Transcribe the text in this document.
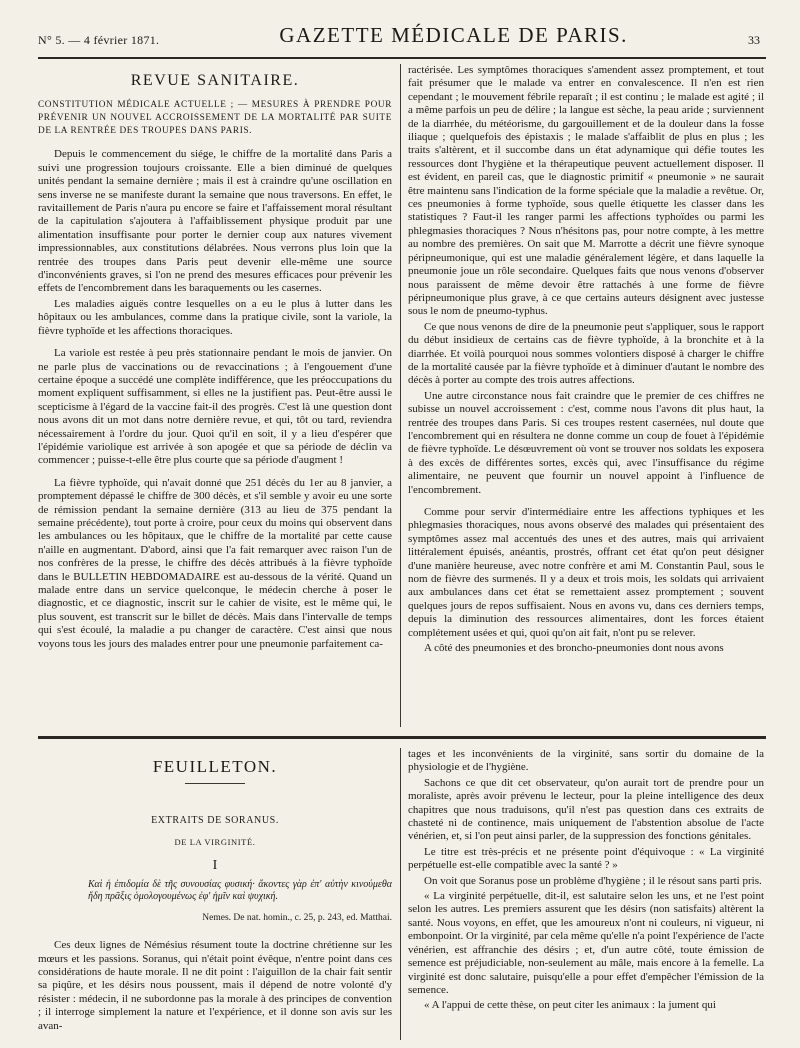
N° 5. — 4 février 1871.	GAZETTE MÉDICALE DE PARIS.	33
REVUE SANITAIRE.
CONSTITUTION MÉDICALE ACTUELLE ; — MESURES À PRENDRE POUR PRÉVENIR UN NOUVEL ACCROISSEMENT DE LA MORTALITÉ PAR SUITE DE LA RENTRÉE DES TROUPES DANS PARIS.

Depuis le commencement du siége, le chiffre de la mortalité dans Paris a suivi une progression toujours croissante. Elle a bien diminué de quelques unités pendant la semaine dernière ; mais il est à craindre qu'une oscillation en sens inverse ne se manifeste durant la semaine que nous traversons. En effet, le ravitaillement de Paris n'aura pu encore se faire et l'affaissement moral résultant de la capitulation s'ajoutera à l'affaiblissement physique produit par une alimentation insuffisante pour porter le dernier coup aux natures vivement impressionnables, aux constitutions délabrées. Nous verrons plus loin que la rentrée des troupes dans Paris peut devenir elle-même une source d'inconvénients graves, si l'on ne prend des mesures efficaces pour prévenir les effets de l'encombrement dans les baraquements ou les casernes.

Les maladies aiguës contre lesquelles on a eu le plus à lutter dans les hôpitaux ou les ambulances, comme dans la pratique civile, sont la variole, la fièvre typhoïde et les affections thoraciques.

La variole est restée à peu près stationnaire pendant le mois de janvier. On ne parle plus de vaccinations ou de revaccinations ; à l'engouement d'une certaine époque a succédé une complète indifférence, que les préoccupations du moment expliquent suffisamment, si elles ne la justifient pas. Peut-être aussi le scepticisme à l'égard de la vaccine fait-il des progrès. C'est là une question dont nous avons dit un mot dans notre dernière revue, et qui, tôt ou tard, reviendra nécessairement à l'ordre du jour. Quoi qu'il en soit, il y a lieu d'espérer que l'épidémie variolique est arrivée à son apogée et que sa période de déclin va commencer ; puisse-t-elle être plus courte que sa période d'augment !

La fièvre typhoïde, qui n'avait donné que 251 décès du 1er au 8 janvier, a promptement dépassé le chiffre de 300 décès, et s'il semble y avoir eu une sorte de rémission pendant la semaine dernière (313 au lieu de 375 pendant la semaine précédente), tout porte à croire, pour ceux du moins qui observent dans les ambulances ou les hôpitaux, que le chiffre de la mortalité par cette cause n'aille en augmentant. D'abord, ainsi que l'a fait remarquer avec raison l'un de nos confrères de la presse, le chiffre des décès attribués à la fièvre typhoïde dans le BULLETIN HEBDOMADAIRE est au-dessous de la vérité. Quand un malade entre dans un service quelconque, le médecin cherche à poser le diagnostic, et ce diagnostic, inscrit sur le cahier de visite, est le même qui, le plus souvent, est transcrit sur le billet de décès. Mais dans l'intervalle de temps qui s'est écoulé, la maladie a pu changer de caractère. C'est ainsi que nous voyons tous les jours des malades entrer pour une pneumonie parfaitement ca-

ractérisée. Les symptômes thoraciques s'amendent assez promptement, et tout fait présumer que le malade va entrer en convalescence. Il n'en est rien cependant ; le mouvement fébrile reparaît ; il est continu ; le malade est agité ; il a même parfois un peu de délire ; la langue est sèche, la peau aride ; surviennent de la diarrhée, du météorisme, du gargouillement et de la douleur dans la fosse iliaque ; quelquefois des épistaxis ; le malade s'affaiblit de plus en plus ; les traits s'altèrent, et il succombe dans un état adynamique qui défie toutes les ressources dont l'hygiène et la thérapeutique peuvent actuellement disposer. Il est évident, en pareil cas, que le diagnostic primitif « pneumonie » ne saurait être maintenu sans l'indication de la forme spéciale que la maladie a revêtue. Or, ces pneumonies à forme typhoïde, sous quelle étiquette les classer dans les statistiques ? Faut-il les ranger parmi les affections typhoïdes ou parmi les phlegmasies thoraciques ? Nous n'hésitons pas, pour notre compte, à les mettre au nombre des premières. On sait que M. Marrotte a décrit une fièvre synoque péripneumonique, qui est une maladie généralement légère, et dans laquelle la pneumonie joue un rôle secondaire. Quelques faits que nous venons d'observer nous paraissent de même devoir être rattachés à une forme de fièvre péripneumonique plus grave, à ce que certains auteurs désignent avec justesse sous le nom de pneumo-typhus.

Ce que nous venons de dire de la pneumonie peut s'appliquer, sous le rapport du début insidieux de certains cas de fièvre typhoïde, à la bronchite et à la diarrhée. Et voilà pourquoi nous sommes volontiers disposé à charger le chiffre de la mortalité causée par la fièvre typhoïde et à diminuer d'autant le nombre des décès à porter au compte des trois autres affections.

Une autre circonstance nous fait craindre que le premier de ces chiffres ne subisse un nouvel accroissement : c'est, comme nous l'avons dit plus haut, la rentrée des troupes dans Paris. Si ces troupes restent casernées, nul doute que l'encombrement qui en résultera ne donne comme un coup de fouet à l'épidémie de fièvre typhoïde. Le désœuvrement où vont se trouver nos soldats les exposera à des excès de différentes sortes, excès qui, avec l'insuffisance du régime alimentaire, ne peuvent que fournir un nouvel appoint à l'influence de l'encombrement.

Comme pour servir d'intermédiaire entre les affections typhiques et les phlegmasies thoraciques, nous avons observé des malades qui présentaient des symptômes assez mal accentués des unes et des autres, mais qui arrivaient littéralement épuisés, anéantis, prostrés, offrant cet état qu'on peut désigner d'une manière heureuse, avec notre confrère et ami M. Constantin Paul, sous le nom de fièvre des surmenés. Il y a deux et trois mois, les soldats qui arrivaient aux ambulances dans cet état se remettaient assez promptement ; souvent quelques jours de repos suffisaient. Nous en avons vu, dans ces derniers temps, depuis la diminution des ressources alimentaires, dont les forces étaient complétement usées et qui, quoi qu'on ait fait, n'ont pu se relever.

A côté des pneumonies et des broncho-pneumonies dont nous avons

FEUILLETON.
EXTRAITS DE SORANUS.
DE LA VIRGINITÉ.
I
Καὶ ἡ ἐπιδομία δὲ τῆς συνουσίας φυσική· ἄκοντες γὰρ ἐπ' αὐτὴν κινούμεθα ἤδη πρᾶξις ὁμολογουμένως ἐφ' ἡμῖν καὶ ψυχική.
Nemes. De nat. homin., c. 25, p. 243, ed. Matthai.

Ces deux lignes de Némésius résument toute la doctrine chrétienne sur les mœurs et les passions. Soranus, qui n'était point évêque, n'entre point dans ces considérations de haute morale. Il ne dit point : l'aiguillon de la chair fait sentir sa piqûre, et les désirs nous poussent, mais il dépend de notre volonté d'y résister : médecin, il ne subordonne pas la morale à des principes de convention ; il interroge simplement la nature et l'expérience, et il donne son avis sur les avan-

tages et les inconvénients de la virginité, sans sortir du domaine de la physiologie et de l'hygiène.

Sachons ce que dit cet observateur, qu'on aurait tort de prendre pour un moraliste, après avoir prévenu le lecteur, pour la pleine intelligence des deux chapitres que nous traduisons, qu'il n'est pas question dans ces extraits de chasteté ni de continence, mais uniquement de l'abstention absolue de l'acte vénérien, et, si l'on peut ainsi parler, de la suppression des fonctions génitales.

Le titre est très-précis et ne présente point d'équivoque : « La virginité perpétuelle est-elle compatible avec la santé ? »

On voit que Soranus pose un problème d'hygiène ; il le résout sans parti pris.

« La virginité perpétuelle, dit-il, est salutaire selon les uns, et ne l'est point selon les autres. Les premiers assurent que les désirs (non satisfaits) altèrent la santé. Nous voyons, en effet, que les amoureux n'ont ni couleurs, ni vigueur, ni embonpoint. Or la virginité, par cela même qu'elle n'a point l'expérience de l'acte vénérien, est affranchie des désirs ; et, d'un autre côté, toute émission de semence est préjudiciable, non-seulement au mâle, mais encore à la femelle. La virginité est donc salutaire, puisqu'elle a pour effet d'empêcher l'émission de la semence.

« A l'appui de cette thèse, on peut citer les animaux : la jument qui
